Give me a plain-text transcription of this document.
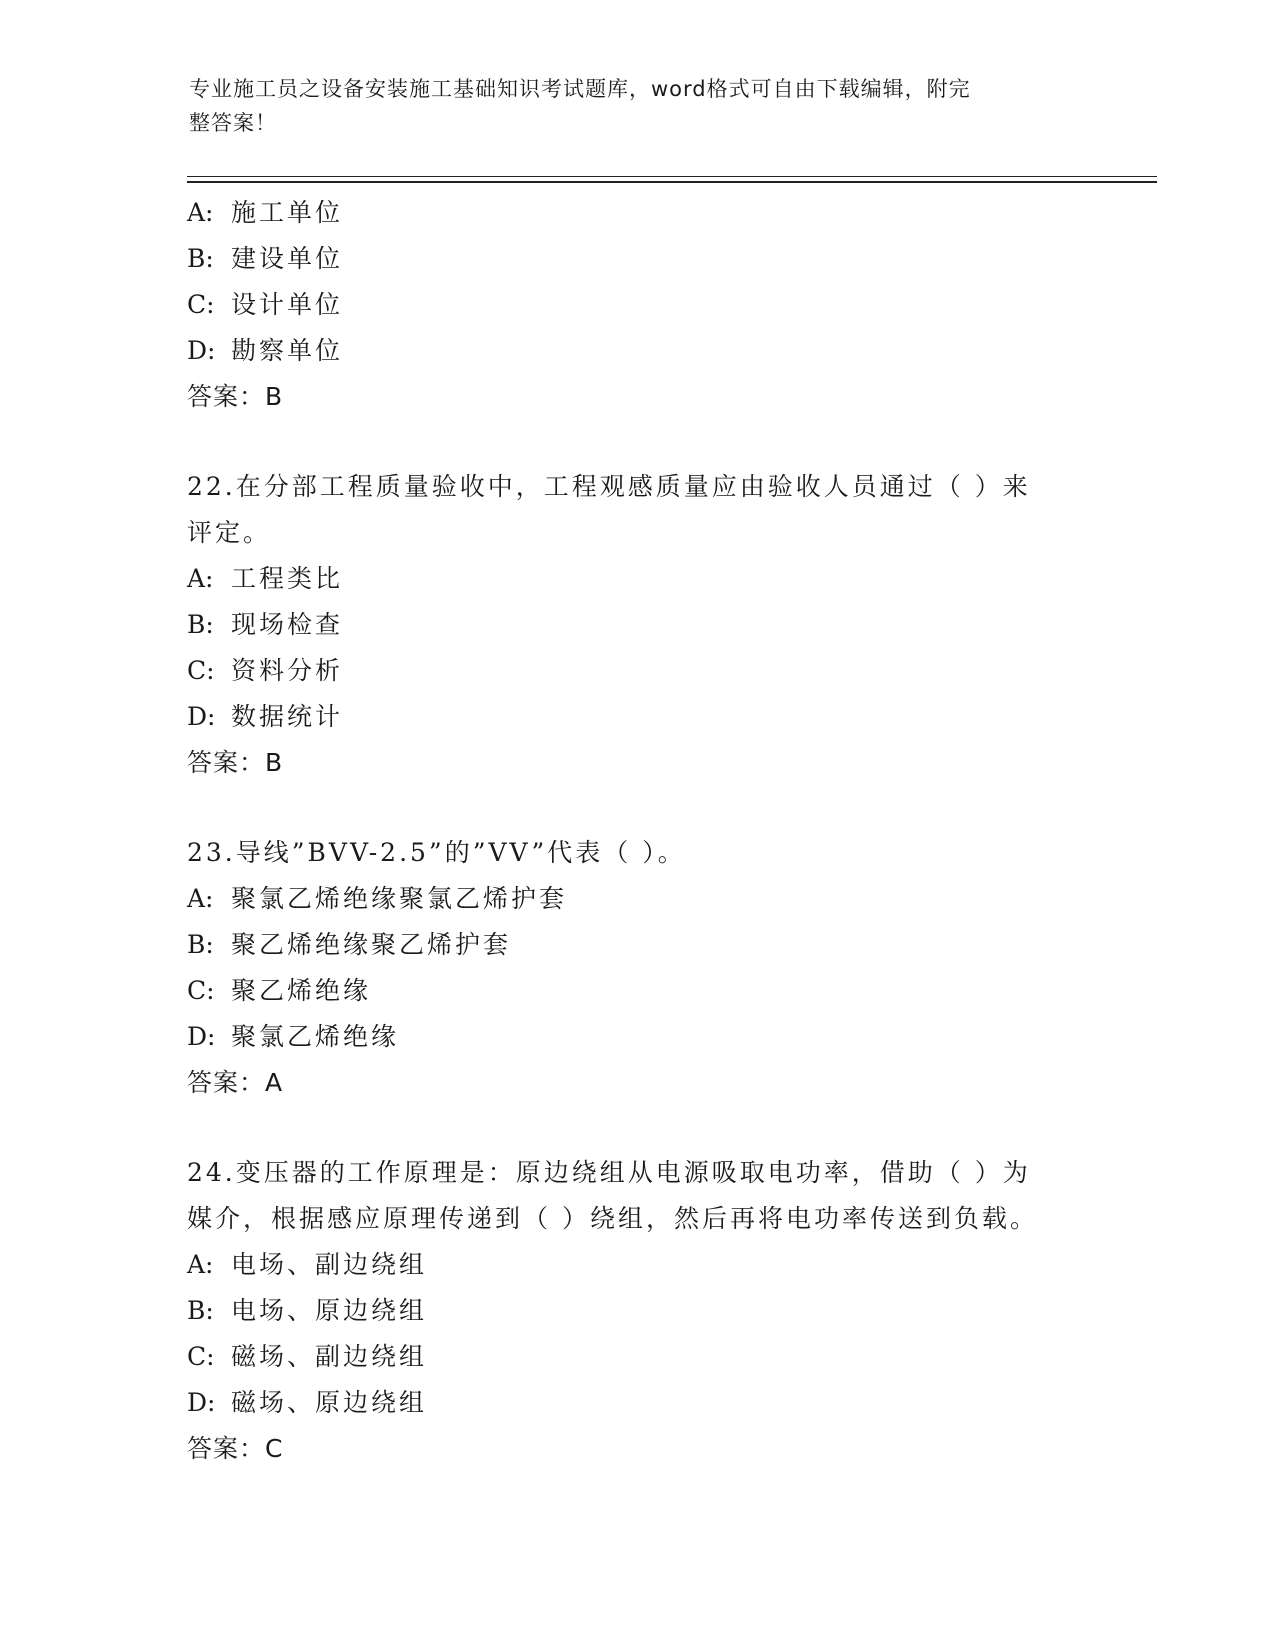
专业施工员之设备安装施工基础知识考试题库，word格式可自由下载编辑，附完
整答案！
A: 施工单位
B: 建设单位
C: 设计单位
D: 勘察单位
答案：B
22.在分部工程质量验收中，工程观感质量应由验收人员通过（ ）来
评定。
A: 工程类比
B: 现场检查
C: 资料分析
D: 数据统计
答案：B
23.导线”BVV-2.5”的”VV”代表（ ）。
A: 聚氯乙烯绝缘聚氯乙烯护套
B: 聚乙烯绝缘聚乙烯护套
C: 聚乙烯绝缘
D: 聚氯乙烯绝缘
答案：A
24.变压器的工作原理是：原边绕组从电源吸取电功率，借助（ ）为
媒介，根据感应原理传递到（ ）绕组，然后再将电功率传送到负载。
A: 电场、副边绕组
B: 电场、原边绕组
C: 磁场、副边绕组
D: 磁场、原边绕组
答案：C
